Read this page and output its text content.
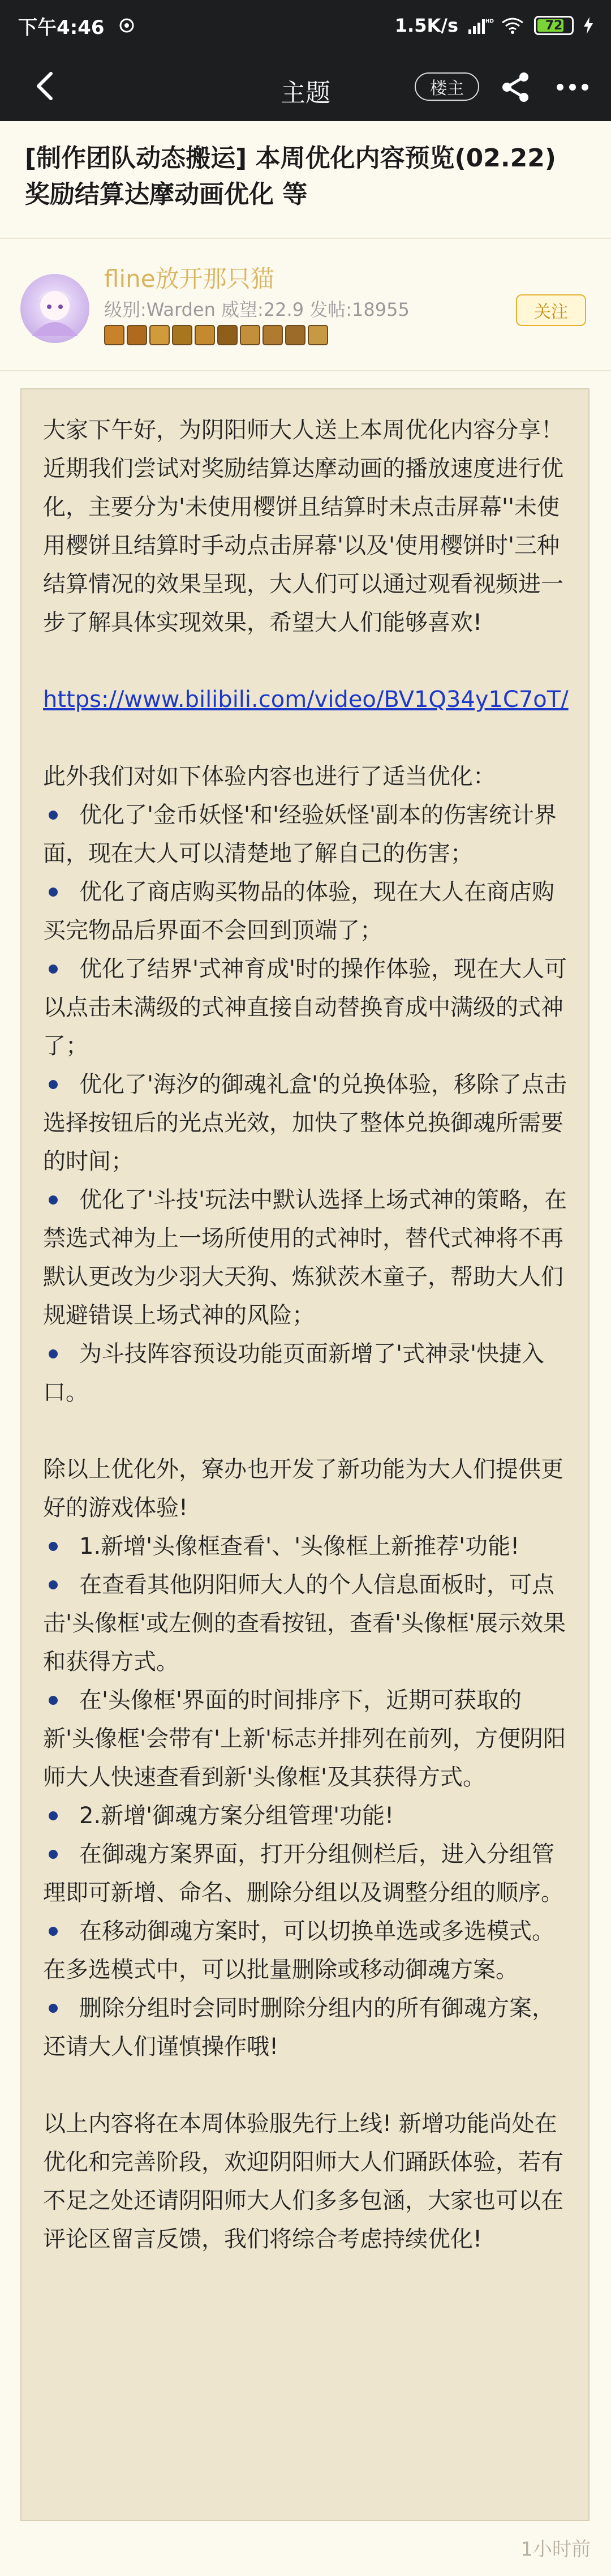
下午4:46	1.5K/s	HD	72
主题	楼主
[制作团队动态搬运] 本周优化内容预览(02.22)
奖励结算达摩动画优化 等
fline放开那只猫
级别:Warden 威望:22.9 发帖:18955	关注

大家下午好，为阴阳师大人送上本周优化内容分享！

近期我们尝试对奖励结算达摩动画的播放速度进行优化，主要分为'未使用樱饼且结算时未点击屏幕''未使用樱饼且结算时手动点击屏幕'以及'使用樱饼时'三种结算情况的效果呈现，大人们可以通过观看视频进一步了解具体实现效果，希望大人们能够喜欢!

https://www.bilibili.com/video/BV1Q34y1C7oT/

此外我们对如下体验内容也进行了适当优化：

优化了'金币妖怪'和'经验妖怪'副本的伤害统计界面，现在大人可以清楚地了解自己的伤害；

优化了商店购买物品的体验，现在大人在商店购买完物品后界面不会回到顶端了；

优化了结界'式神育成'时的操作体验，现在大人可以点击未满级的式神直接自动替换育成中满级的式神了；

优化了'海汐的御魂礼盒'的兑换体验，移除了点击选择按钮后的光点光效，加快了整体兑换御魂所需要的时间；

优化了'斗技'玩法中默认选择上场式神的策略，在禁选式神为上一场所使用的式神时，替代式神将不再默认更改为少羽大天狗、炼狱茨木童子，帮助大人们规避错误上场式神的风险；

为斗技阵容预设功能页面新增了'式神录'快捷入口。

除以上优化外，寮办也开发了新功能为大人们提供更好的游戏体验!

1.新增'头像框查看'、'头像框上新推荐'功能!

在查看其他阴阳师大人的个人信息面板时，可点击'头像框'或左侧的查看按钮，查看'头像框'展示效果和获得方式。

在'头像框'界面的时间排序下，近期可获取的新'头像框'会带有'上新'标志并排列在前列，方便阴阳师大人快速查看到新'头像框'及其获得方式。

2.新增'御魂方案分组管理'功能!

在御魂方案界面，打开分组侧栏后，进入分组管理即可新增、命名、删除分组以及调整分组的顺序。

在移动御魂方案时，可以切换单选或多选模式。在多选模式中，可以批量删除或移动御魂方案。

删除分组时会同时删除分组内的所有御魂方案，还请大人们谨慎操作哦!

以上内容将在本周体验服先行上线! 新增功能尚处在优化和完善阶段，欢迎阴阳师大人们踊跃体验，若有不足之处还请阴阳师大人们多多包涵，大家也可以在评论区留言反馈，我们将综合考虑持续优化!

1小时前
